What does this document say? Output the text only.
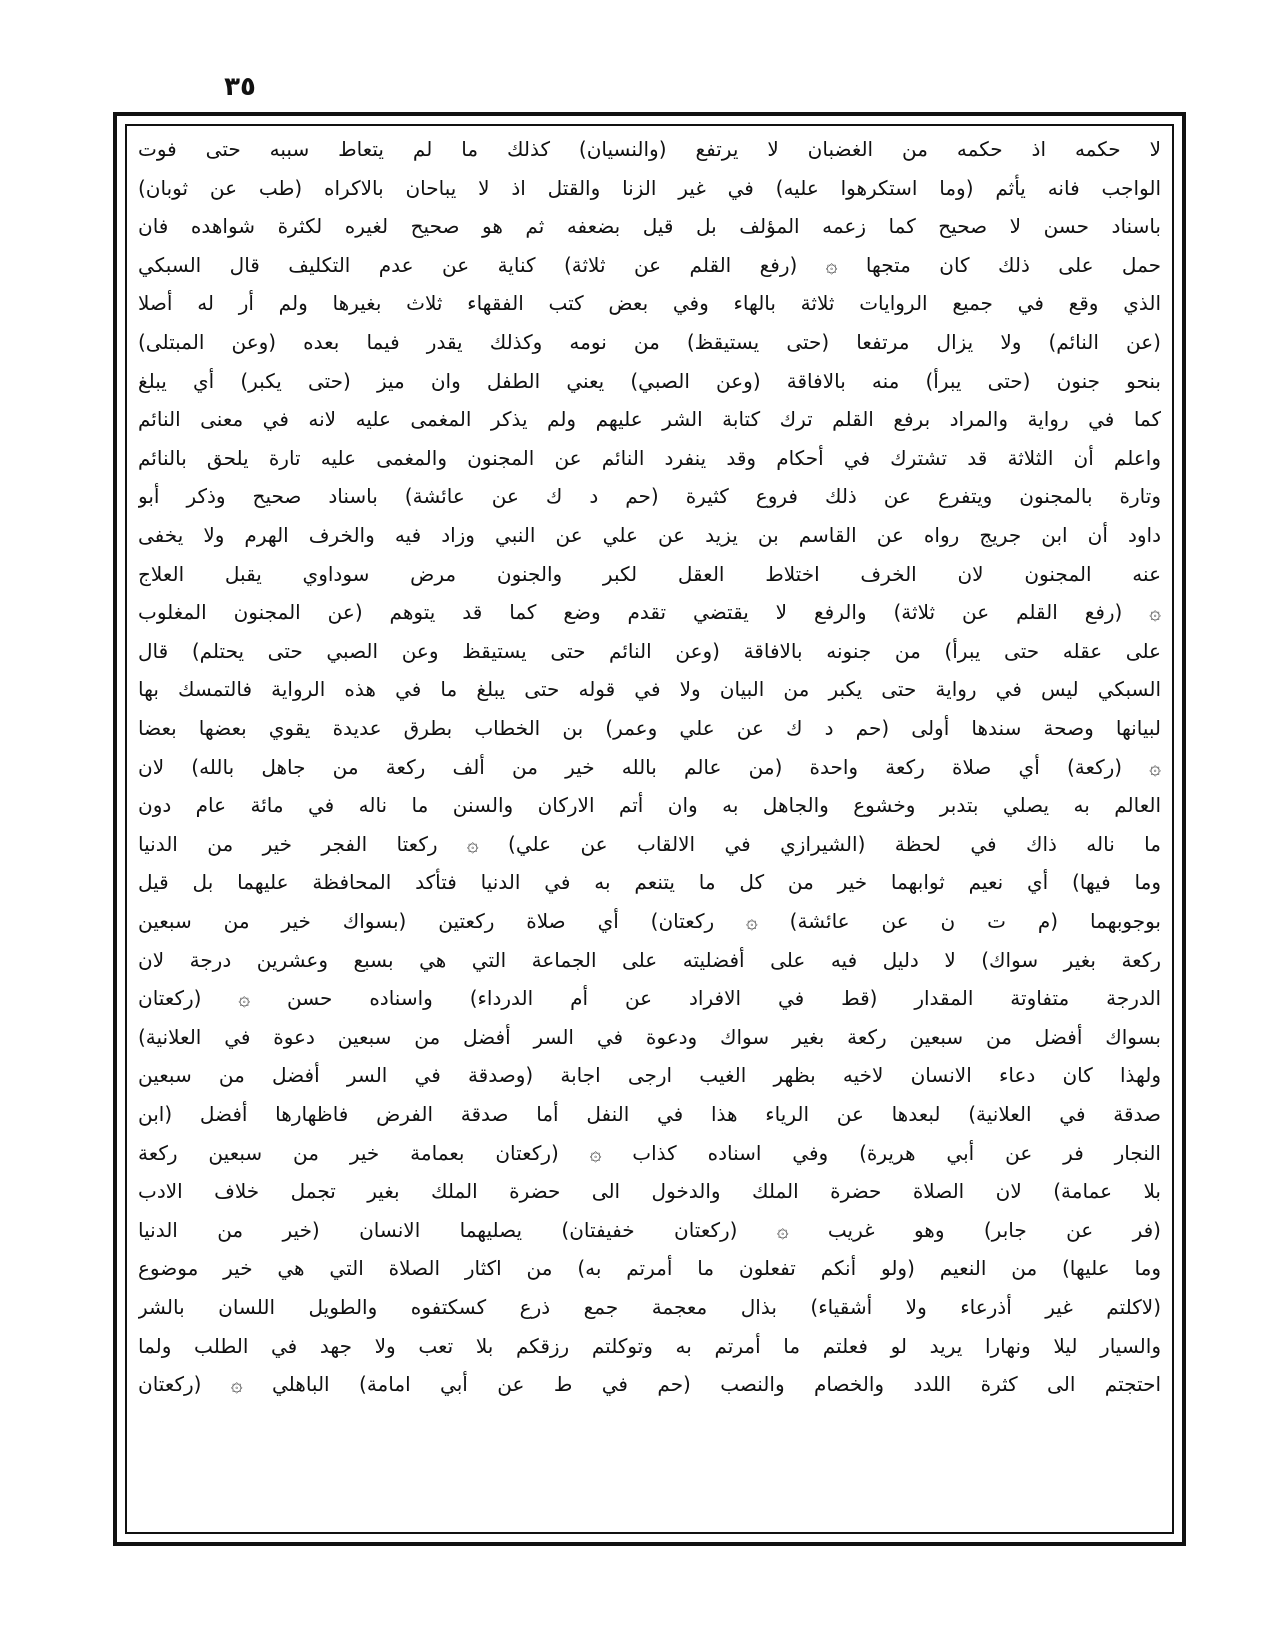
٣٥
لا حكمه اذ حكمه من الغضبان لا يرتفع (والنسيان) كذلك ما لم يتعاط سببه حتى فوت
الواجب فانه يأثم (وما استكرهوا عليه) في غير الزنا والقتل اذ لا يباحان بالاكراه (طب عن ثوبان)
باسناد حسن لا صحيح كما زعمه المؤلف بل قيل بضعفه ثم هو صحيح لغيره لكثرة شواهده فان
حمل على ذلك كان متجها ۞ (رفع القلم عن ثلاثة) كناية عن عدم التكليف قال السبكي
الذي وقع في جميع الروايات ثلاثة بالهاء وفي بعض كتب الفقهاء ثلاث بغيرها ولم أر له أصلا
(عن النائم) ولا يزال مرتفعا (حتى يستيقظ) من نومه وكذلك يقدر فيما بعده (وعن المبتلى)
بنحو جنون (حتى يبرأ) منه بالافاقة (وعن الصبي) يعني الطفل وان ميز (حتى يكبر) أي يبلغ
كما في رواية والمراد برفع القلم ترك كتابة الشر عليهم ولم يذكر المغمى عليه لانه في معنى النائم
واعلم أن الثلاثة قد تشترك في أحكام وقد ينفرد النائم عن المجنون والمغمى عليه تارة يلحق بالنائم
وتارة بالمجنون ويتفرع عن ذلك فروع كثيرة (حم د ك عن عائشة) باسناد صحيح وذكر أبو
داود أن ابن جريج رواه عن القاسم بن يزيد عن علي عن النبي وزاد فيه والخرف الهرم ولا يخفى
عنه المجنون لان الخرف اختلاط العقل لكبر والجنون مرض سوداوي يقبل العلاج
۞ (رفع القلم عن ثلاثة) والرفع لا يقتضي تقدم وضع كما قد يتوهم (عن المجنون المغلوب
على عقله حتى يبرأ) من جنونه بالافاقة (وعن النائم حتى يستيقظ وعن الصبي حتى يحتلم) قال
السبكي ليس في رواية حتى يكبر من البيان ولا في قوله حتى يبلغ ما في هذه الرواية فالتمسك بها
لبيانها وصحة سندها أولى (حم د ك عن علي وعمر) بن الخطاب بطرق عديدة يقوي بعضها بعضا
۞ (ركعة) أي صلاة ركعة واحدة (من عالم بالله خير من ألف ركعة من جاهل بالله) لان
العالم به يصلي بتدبر وخشوع والجاهل به وان أتم الاركان والسنن ما ناله في مائة عام دون
ما ناله ذاك في لحظة (الشيرازي في الالقاب عن علي) ۞ ركعتا الفجر خير من الدنيا
وما فيها) أي نعيم ثوابهما خير من كل ما يتنعم به في الدنيا فتأكد المحافظة عليهما بل قيل
بوجوبهما (م ت ن عن عائشة) ۞ ركعتان) أي صلاة ركعتين (بسواك خير من سبعين
ركعة بغير سواك) لا دليل فيه على أفضليته على الجماعة التي هي بسبع وعشرين درجة لان
الدرجة متفاوتة المقدار (قط في الافراد عن أم الدرداء) واسناده حسن ۞ (ركعتان
بسواك أفضل من سبعين ركعة بغير سواك ودعوة في السر أفضل من سبعين دعوة في العلانية)
ولهذا كان دعاء الانسان لاخيه بظهر الغيب ارجى اجابة (وصدقة في السر أفضل من سبعين
صدقة في العلانية) لبعدها عن الرياء هذا في النفل أما صدقة الفرض فاظهارها أفضل (ابن
النجار فر عن أبي هريرة) وفي اسناده كذاب ۞ (ركعتان بعمامة خير من سبعين ركعة
بلا عمامة) لان الصلاة حضرة الملك والدخول الى حضرة الملك بغير تجمل خلاف الادب
(فر عن جابر) وهو غريب ۞ (ركعتان خفيفتان) يصليهما الانسان (خير من الدنيا
وما عليها) من النعيم (ولو أنكم تفعلون ما أمرتم به) من اكثار الصلاة التي هي خير موضوع
(لاكلتم غير أذرعاء ولا أشقياء) بذال معجمة جمع ذرع كسكتفوه والطويل اللسان بالشر
والسيار ليلا ونهارا يريد لو فعلتم ما أمرتم به وتوكلتم رزقكم بلا تعب ولا جهد في الطلب ولما
احتجتم الى كثرة اللدد والخصام والنصب (حم في ط عن أبي امامة) الباهلي ۞ (ركعتان
